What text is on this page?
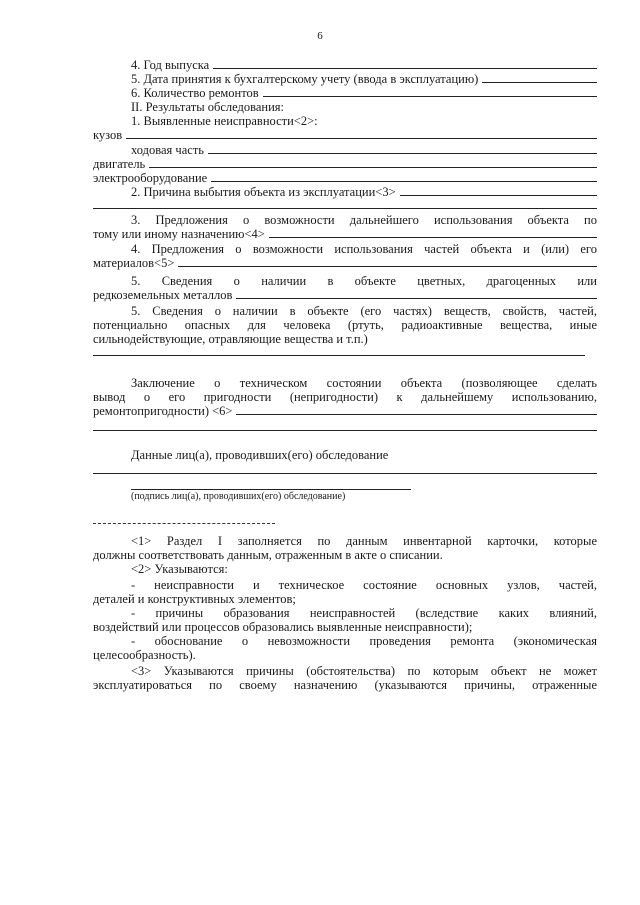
6
4. Год выпуска
5. Дата принятия к бухгалтерскому учету (ввода в эксплуатацию)
6. Количество ремонтов
II. Результаты обследования:
1. Выявленные неисправности<2>:
кузов
ходовая часть
двигатель
электрооборудование
2. Причина выбытия объекта из эксплуатации<3>
3. Предложения о возможности дальнейшего использования объекта по
тому или иному назначению<4>
4. Предложения о возможности использования частей объекта и (или) его
материалов<5>
5. Сведения о наличии в объекте цветных, драгоценных или
редкоземельных металлов
5. Сведения о наличии в объекте (его частях) веществ, свойств, частей,
потенциально опасных для человека (ртуть, радиоактивные вещества, иные
сильнодействующие, отравляющие вещества и т.п.)
Заключение о техническом состоянии объекта (позволяющее сделать
вывод о его пригодности (непригодности) к дальнейшему использованию,
ремонтопригодности) <6>
Данные лиц(а), проводивших(его) обследование
(подпись лиц(а), проводивших(его) обследование)
<1> Раздел I заполняется по данным инвентарной карточки, которые
должны соответствовать данным, отраженным в акте о списании.
<2> Указываются:
- неисправности и техническое состояние основных узлов, частей,
деталей и конструктивных элементов;
- причины образования неисправностей (вследствие каких влияний,
воздействий или процессов образовались выявленные неисправности);
- обоснование о невозможности проведения ремонта (экономическая
целесообразность).
<3> Указываются причины (обстоятельства) по которым объект не может
эксплуатироваться по своему назначению (указываются причины, отраженные
